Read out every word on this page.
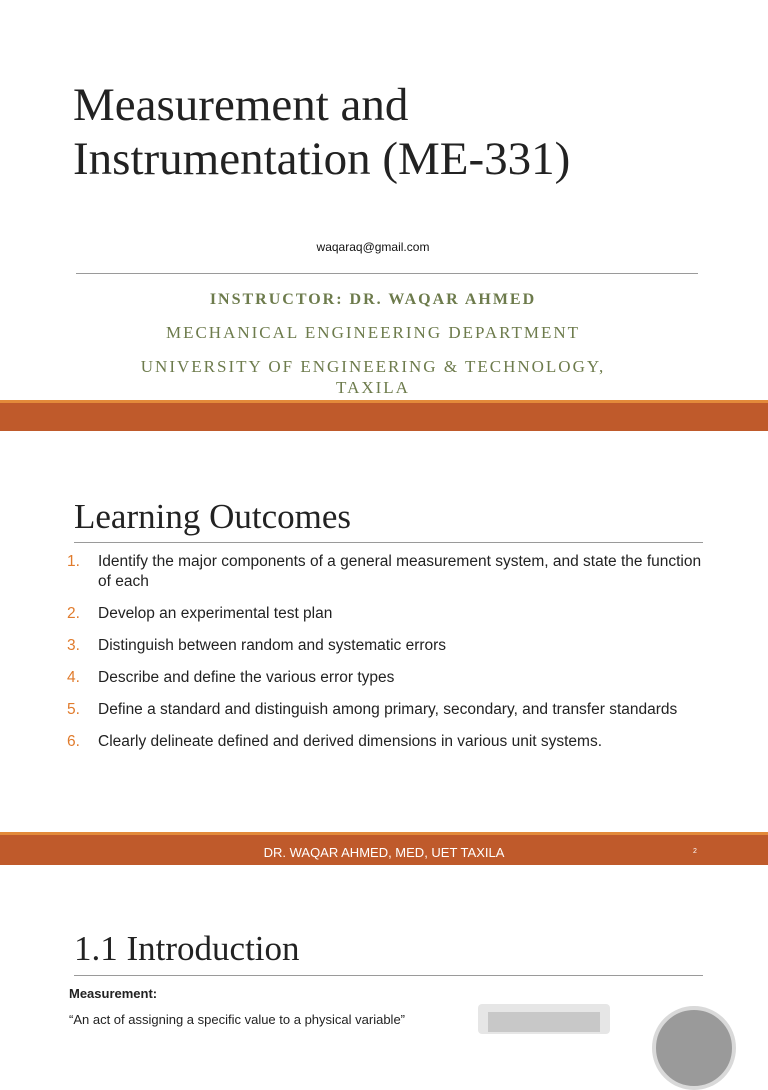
Measurement and
Instrumentation (ME-331)
waqaraq@gmail.com
INSTRUCTOR: DR. WAQAR AHMED
MECHANICAL ENGINEERING DEPARTMENT
UNIVERSITY OF ENGINEERING & TECHNOLOGY,
TAXILA
Learning Outcomes
1.	Identify the major components of a general measurement system, and state the function of each
2.	Develop an experimental test plan
3.	Distinguish between random and systematic errors
4.	Describe and define the various error types
5.	Define a standard and distinguish among primary, secondary, and transfer standards
6.	Clearly delineate defined and derived dimensions in various unit systems.
DR. WAQAR AHMED, MED, UET TAXILA	2
1.1 Introduction
Measurement:
“An act of assigning a specific value to a physical variable”
